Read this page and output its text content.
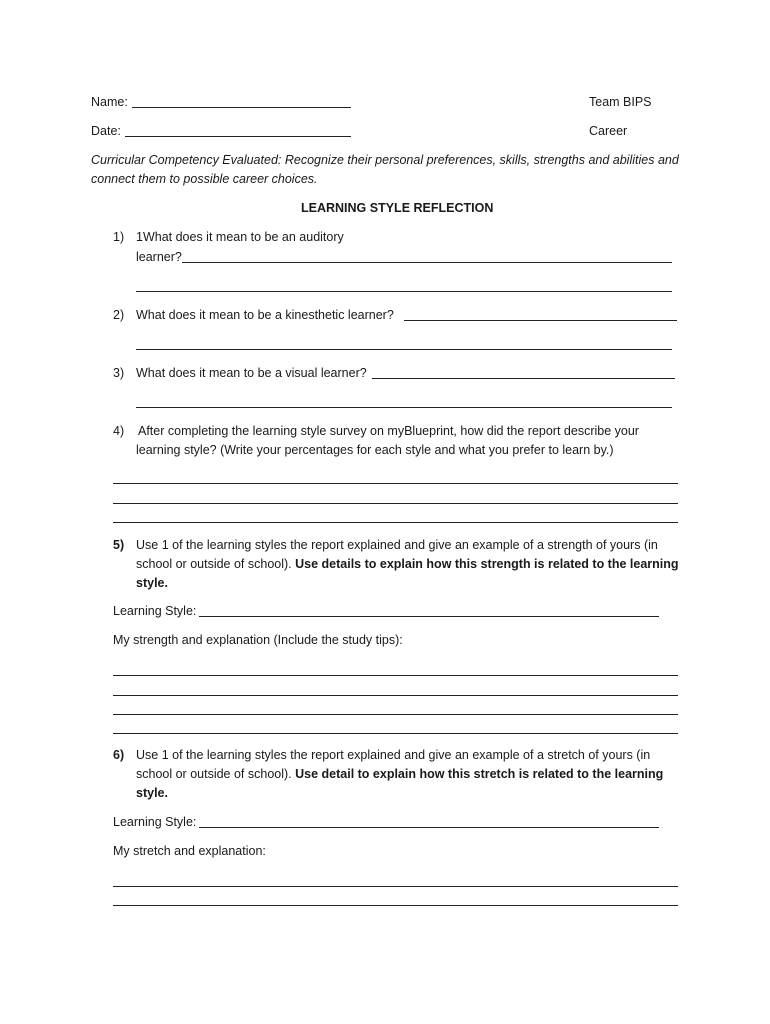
Name:	Team BIPS
Date:	Career
Curricular Competency Evaluated: Recognize their personal preferences, skills, strengths and abilities and
connect them to possible career choices.
LEARNING STYLE REFLECTION
1) 1What does it mean to be an auditory
learner?
2) What does it mean to be a kinesthetic learner?
3) What does it mean to be a visual learner?
4) After completing the learning style survey on myBlueprint, how did the report describe your
learning style? (Write your percentages for each style and what you prefer to learn by.)
5) Use 1 of the learning styles the report explained and give an example of a strength of yours (in
school or outside of school). Use details to explain how this strength is related to the learning
style.
Learning Style:
My strength and explanation (Include the study tips):
6) Use 1 of the learning styles the report explained and give an example of a stretch of yours (in
school or outside of school). Use detail to explain how this stretch is related to the learning
style.
Learning Style:
My stretch and explanation:
